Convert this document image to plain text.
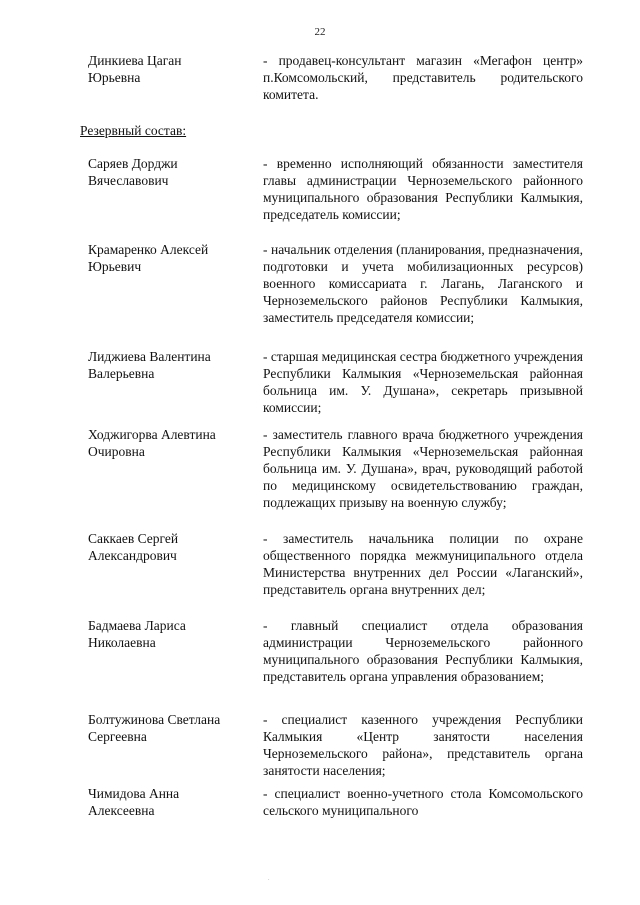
22
Динкиева Цаган Юрьевна
- продавец-консультант магазин «Мегафон центр» п.Комсомольский, представитель родительского комитета.
Резервный состав:
Саряев Дорджи Вячеславович
- временно исполняющий обязанности заместителя главы администрации Черноземельского районного муниципального образования Республики Калмыкия, председатель комиссии;
Крамаренко Алексей Юрьевич
- начальник отделения (планирования, предназначения, подготовки и учета мобилизационных ресурсов) военного комиссариата г. Лагань, Лаганского и Черноземельского районов Республики Калмыкия, заместитель председателя комиссии;
Лиджиева Валентина Валерьевна
- старшая медицинская сестра бюджетного учреждения Республики Калмыкия «Черноземельская районная больница им. У. Душана», секретарь призывной комиссии;
Ходжигорва Алевтина Очировна
- заместитель главного врача бюджетного учреждения Республики Калмыкия «Черноземельская районная больница им. У. Душана», врач, руководящий работой по медицинскому освидетельствованию граждан, подлежащих призыву на военную службу;
Саккаев Сергей Александрович
- заместитель начальника полиции по охране общественного порядка межмуниципального отдела Министерства внутренних дел России «Лаганский», представитель органа внутренних дел;
Бадмаева Лариса Николаевна
- главный специалист отдела образования администрации Черноземельского районного муниципального образования Республики Калмыкия, представитель органа управления образованием;
Болтужинова Светлана Сергеевна
- специалист казенного учреждения Республики Калмыкия «Центр занятости населения Черноземельского района», представитель органа занятости населения;
Чимидова Анна Алексеевна
- специалист военно-учетного стола Комсомольского сельского муниципального
.
